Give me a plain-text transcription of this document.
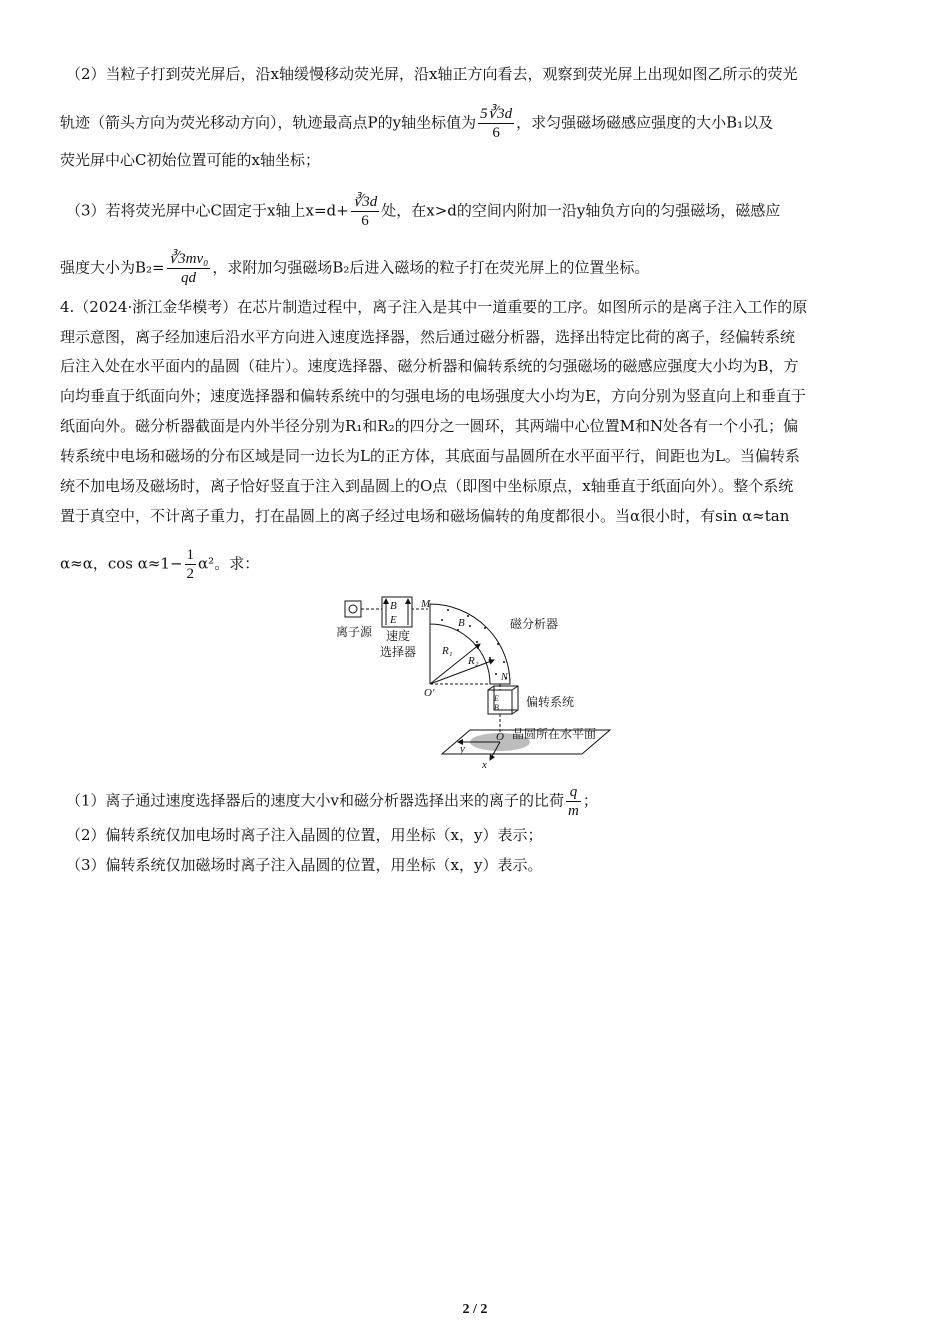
（2）当粒子打到荧光屏后，沿x轴缓慢移动荧光屏，沿x轴正方向看去，观察到荧光屏上出现如图乙所示的荧光
轨迹（箭头方向为荧光移动方向），轨迹最高点P的y轴坐标值为 $\frac{5∛3d}{6}$ ，求匀强磁场磁感应强度的大小B₁以及
荧光屏中心C初始位置可能的x轴坐标；
（3）若将荧光屏中心C固定于x轴上$x=d+ \frac{∛3d}{6}$ 处，在x>d的空间内附加一沿y轴负方向的匀强磁场，磁感应
强度大小为$B_2= \frac{\text{∛3mv₀}}{qd}$ ，求附加匀强磁场B₂后进入磁场的粒子打在荧光屏上的位置坐标。
4.（2024·浙江金华模考）在芯片制造过程中，离子注入是其中一道重要的工序。如图所示的是离子注入工作的原
理示意图，离子经加速后沿水平方向进入速度选择器，然后通过磁分析器，选择出特定比荷的离子，经偏转系统
后注入处在水平面内的晶圆（硅片）。速度选择器、磁分析器和偏转系统的匀强磁场的磁感应强度大小均为B，方
向均垂直于纸面向外；速度选择器和偏转系统中的匀强电场的电场强度大小均为E，方向分别为竖直向上和垂直于
纸面向外。磁分析器截面是内外半径分别为R₁和R₂的四分之一圆环，其两端中心位置M和N处各有一个小孔；偏
转系统中电场和磁场的分布区域是同一边长为L的正方体，其底面与晶圆所在水平面平行，间距也为L。当偏转系
统不加电场及磁场时，离子恰好竖直于注入到晶圆上的O点（即图中坐标原点，x轴垂直于纸面向外）。整个系统
置于真空中，不计离子重力，打在晶圆上的离子经过电场和磁场偏转的角度都很小。当α很小时，有sin α≈tan
α≈α，$\cos \alpha\approx 1- \frac{1}{2} \alpha^2$。求：
离子源
B
E
速度
选择器
M
B
R₁
R₂
O′
N
磁分析器
E
B 偏转系统
y
x
O 晶圆所在水平面
（1）离子通过速度选择器后的速度大小v和磁分析器选择出来的离子的比荷 $\frac{q}{m}$ ；
（2）偏转系统仅加电场时离子注入晶圆的位置，用坐标（x，y）表示；
（3）偏转系统仅加磁场时离子注入晶圆的位置，用坐标（x，y）表示。
2 / 2
